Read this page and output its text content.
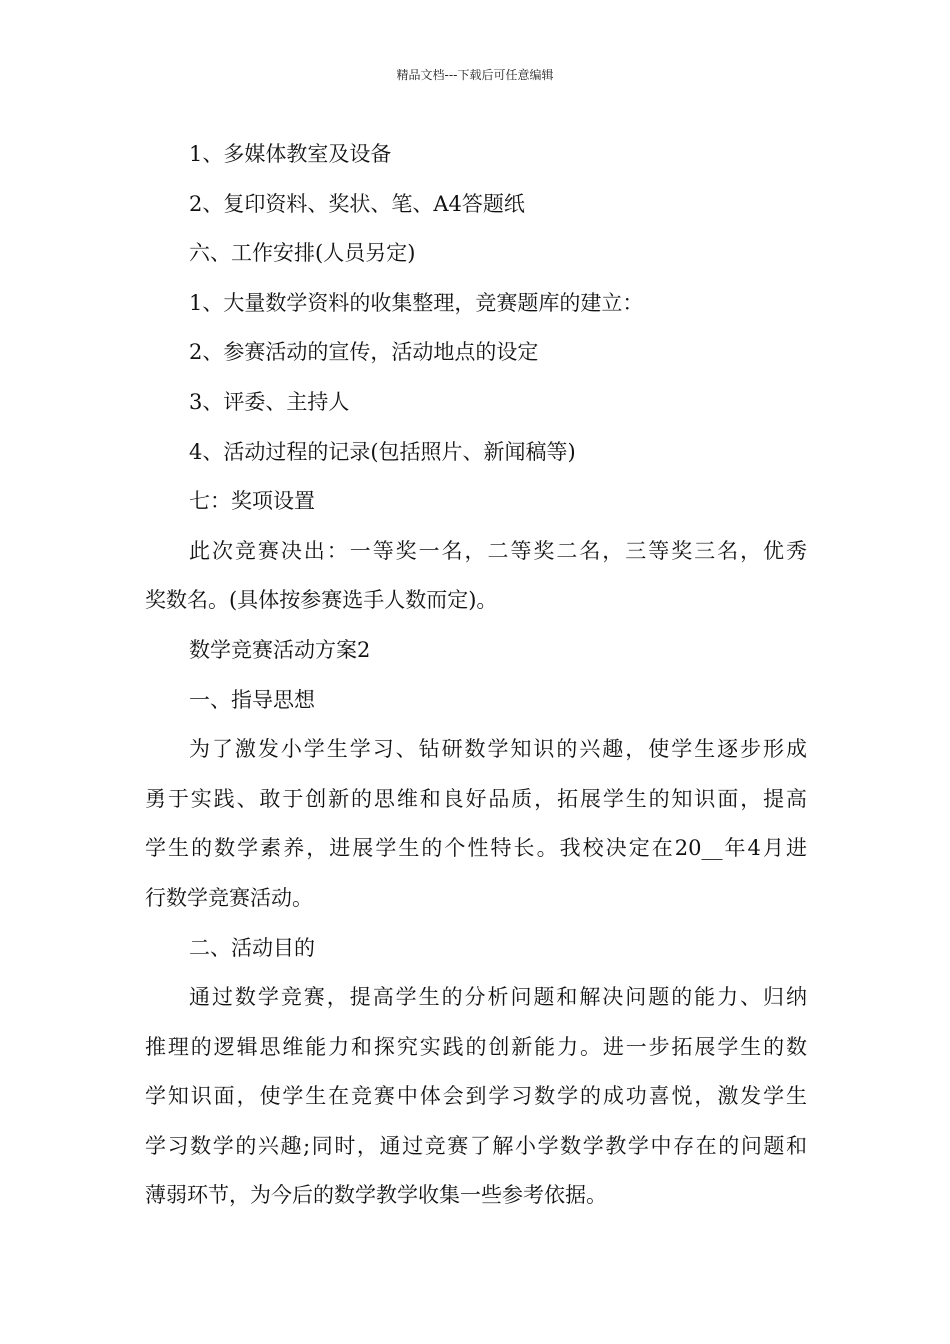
精品文档---下载后可任意编辑
1、多媒体教室及设备
2、复印资料、奖状、笔、A4答题纸
六、工作安排(人员另定)
1、大量数学资料的收集整理，竞赛题库的建立：
2、参赛活动的宣传，活动地点的设定
3、评委、主持人
4、活动过程的记录(包括照片、新闻稿等)
七：奖项设置
此次竞赛决出：一等奖一名，二等奖二名，三等奖三名，优秀
奖数名。(具体按参赛选手人数而定)。
数学竞赛活动方案2
一、指导思想
为了激发小学生学习、钻研数学知识的兴趣，使学生逐步形成
勇于实践、敢于创新的思维和良好品质，拓展学生的知识面，提高
学生的数学素养，进展学生的个性特长。我校决定在20__年4月进
行数学竞赛活动。
二、活动目的
通过数学竞赛，提高学生的分析问题和解决问题的能力、归纳
推理的逻辑思维能力和探究实践的创新能力。进一步拓展学生的数
学知识面，使学生在竞赛中体会到学习数学的成功喜悦，激发学生
学习数学的兴趣;同时，通过竞赛了解小学数学教学中存在的问题和
薄弱环节，为今后的数学教学收集一些参考依据。
